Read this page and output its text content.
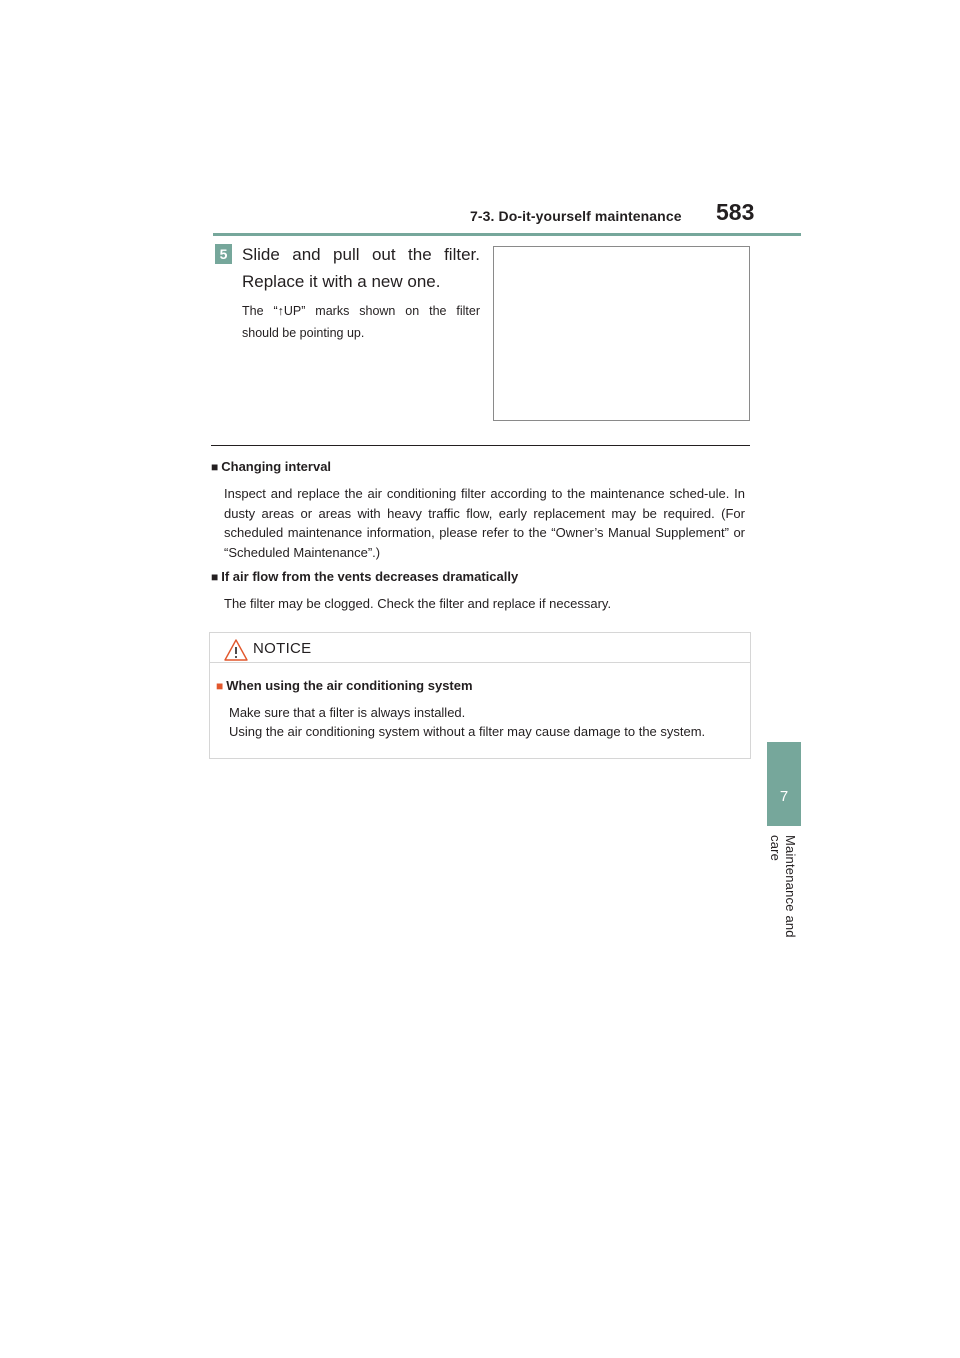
7-3. Do-it-yourself maintenance 583
7
Maintenance and care
5 Slide and pull out the filter.
Replace it with a new one.
The “↑UP” marks shown on the filter
should be pointing up.
■ Changing interval
Inspect and replace the air conditioning filter according to the maintenance sched-ule. In dusty areas or areas with heavy traffic flow, early replacement may be required. (For scheduled maintenance information, please refer to the “Owner’s Manual Supplement” or “Scheduled Maintenance”.)
■ If air flow from the vents decreases dramatically
The filter may be clogged. Check the filter and replace if necessary.
NOTICE
■ When using the air conditioning system
Make sure that a filter is always installed.
Using the air conditioning system without a filter may cause damage to the system.
